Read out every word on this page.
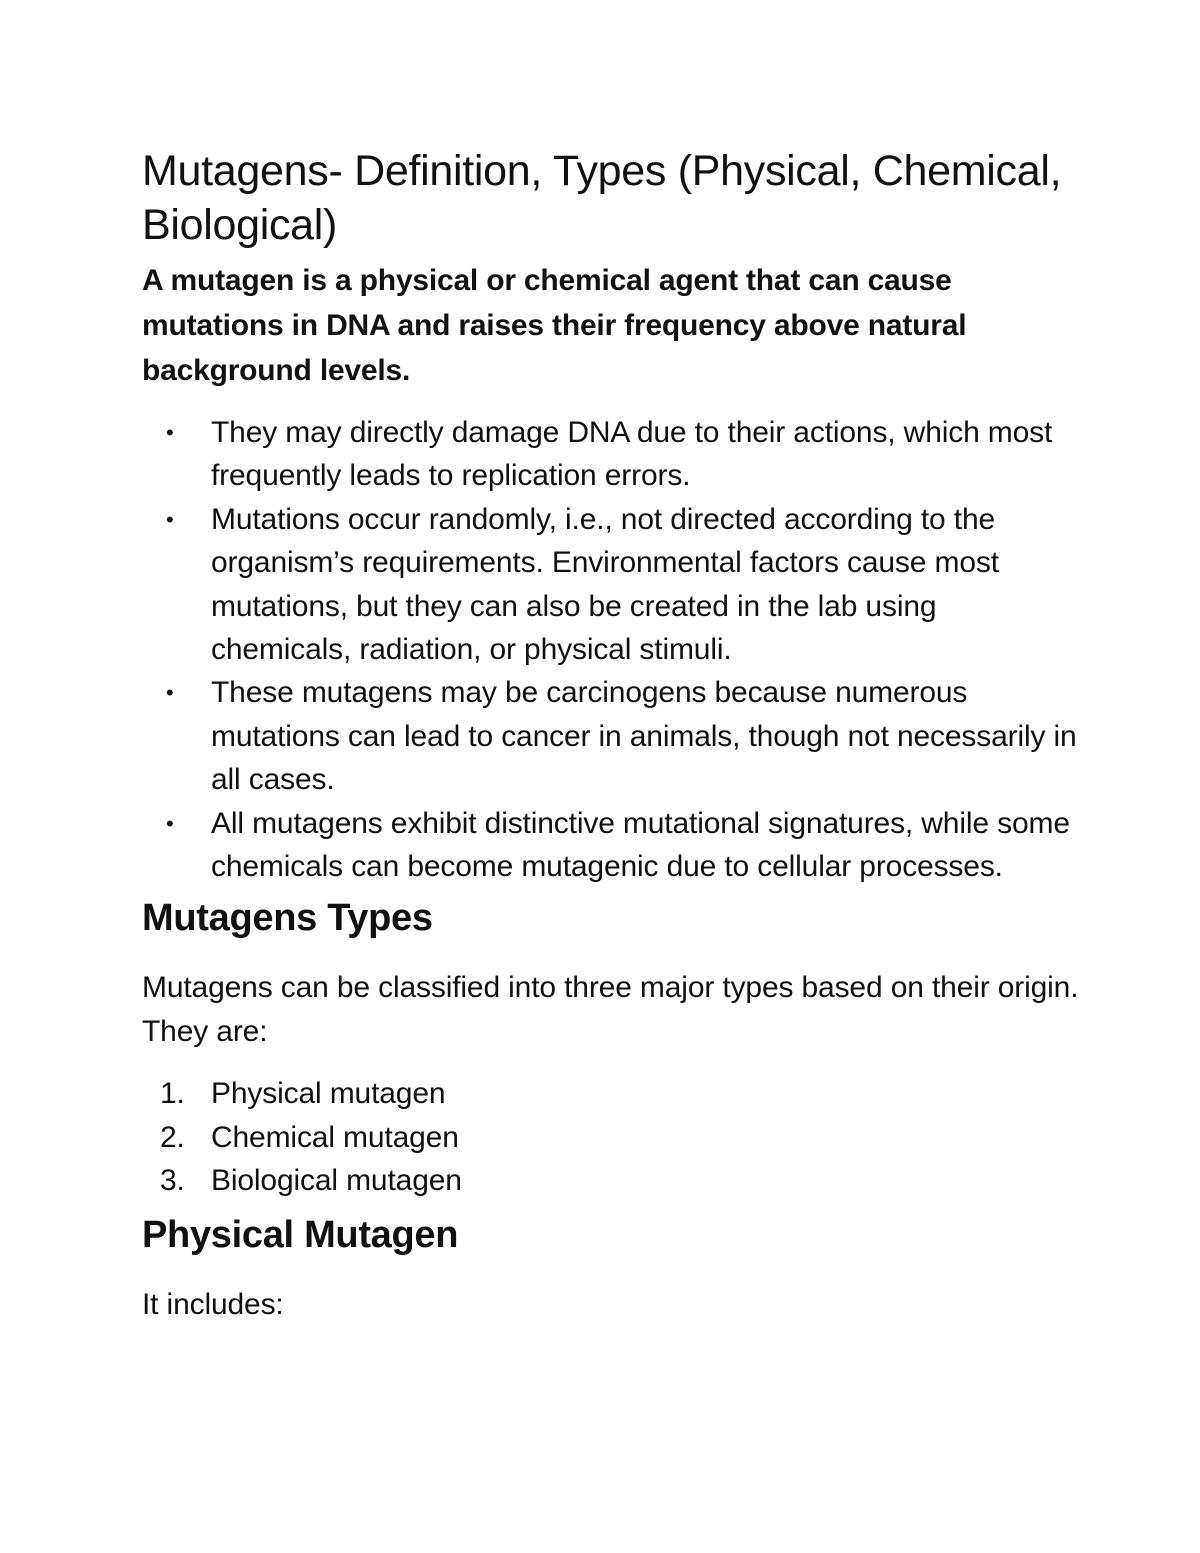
Mutagens- Definition, Types (Physical, Chemical, Biological)

A mutagen is a physical or chemical agent that can cause mutations in DNA and raises their frequency above natural background levels.

• They may directly damage DNA due to their actions, which most frequently leads to replication errors.
• Mutations occur randomly, i.e., not directed according to the organism’s requirements. Environmental factors cause most mutations, but they can also be created in the lab using chemicals, radiation, or physical stimuli.
• These mutagens may be carcinogens because numerous mutations can lead to cancer in animals, though not necessarily in all cases.
• All mutagens exhibit distinctive mutational signatures, while some chemicals can become mutagenic due to cellular processes.
Mutagens Types

Mutagens can be classified into three major types based on their origin. They are:

1. Physical mutagen
2. Chemical mutagen
3. Biological mutagen
Physical Mutagen

It includes:
